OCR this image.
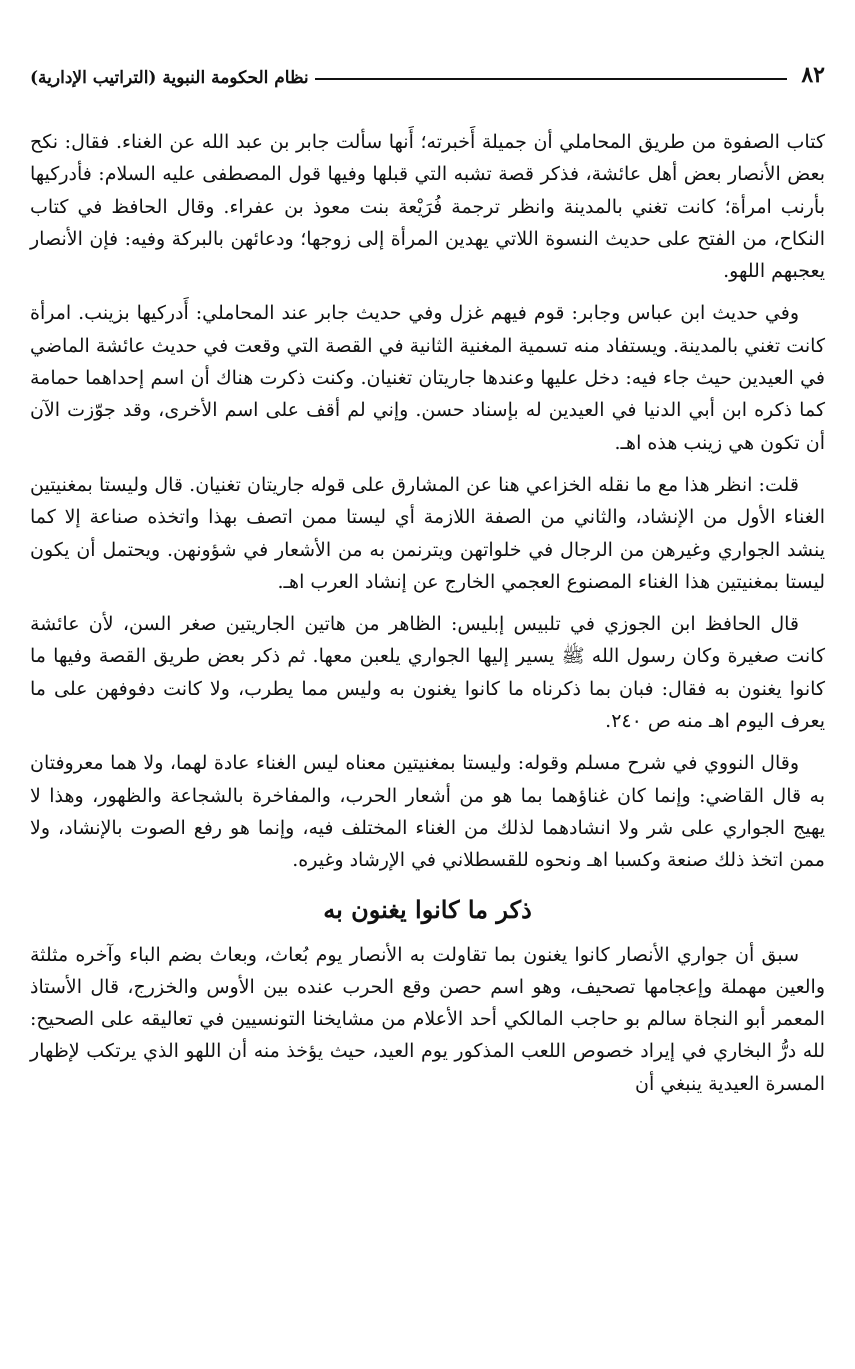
٨٢
نظام الحكومة النبوية (التراتيب الإدارية)

كتاب الصفوة من طريق المحاملي أن جميلة أَخبرته؛ أَنها سألت جابر بن عبد الله عن الغناء. فقال: نكح بعض الأنصار بعض أهل عائشة، فذكر قصة تشبه التي قبلها وفيها قول المصطفى عليه السلام: فأدركيها بأرنب امرأة؛ كانت تغني بالمدينة وانظر ترجمة فُرَيْعة بنت معوذ بن عفراء. وقال الحافظ في كتاب النكاح، من الفتح على حديث النسوة اللاتي يهدين المرأة إلى زوجها؛ ودعائهن بالبركة وفيه: فإن الأنصار يعجبهم اللهو.

وفي حديث ابن عباس وجابر: قوم فيهم غزل وفي حديث جابر عند المحاملي: أَدركيها بزينب. امرأة كانت تغني بالمدينة. ويستفاد منه تسمية المغنية الثانية في القصة التي وقعت في حديث عائشة الماضي في العيدين حيث جاء فيه: دخل عليها وعندها جاريتان تغنيان. وكنت ذكرت هناك أن اسم إحداهما حمامة كما ذكره ابن أبي الدنيا في العيدين له بإسناد حسن. وإني لم أقف على اسم الأخرى، وقد جوّزت الآن أن تكون هي زينب هذه اهـ.

قلت: انظر هذا مع ما نقله الخزاعي هنا عن المشارق على قوله جاريتان تغنيان. قال وليستا بمغنيتين الغناء الأول من الإنشاد، والثاني من الصفة اللازمة أي ليستا ممن اتصف بهذا واتخذه صناعة إلا كما ينشد الجواري وغيرهن من الرجال في خلواتهن ويترنمن به من الأشعار في شؤونهن. ويحتمل أن يكون ليستا بمغنيتين هذا الغناء المصنوع العجمي الخارج عن إنشاد العرب اهـ.

قال الحافظ ابن الجوزي في تلبيس إبليس: الظاهر من هاتين الجاريتين صغر السن، لأن عائشة كانت صغيرة وكان رسول الله ﷺ يسير إليها الجواري يلعبن معها. ثم ذكر بعض طريق القصة وفيها ما كانوا يغنون به فقال: فبان بما ذكرناه ما كانوا يغنون به وليس مما يطرب، ولا كانت دفوفهن على ما يعرف اليوم اهـ منه ص ٢٤٠.

وقال النووي في شرح مسلم وقوله: وليستا بمغنيتين معناه ليس الغناء عادة لهما، ولا هما معروفتان به قال القاضي: وإنما كان غناؤهما بما هو من أشعار الحرب، والمفاخرة بالشجاعة والظهور، وهذا لا يهيج الجواري على شر ولا انشادهما لذلك من الغناء المختلف فيه، وإنما هو رفع الصوت بالإنشاد، ولا ممن اتخذ ذلك صنعة وكسبا اهـ ونحوه للقسطلاني في الإرشاد وغيره.

ذكر ما كانوا يغنون به

سبق أن جواري الأنصار كانوا يغنون بما تقاولت به الأنصار يوم بُعاث، وبعاث بضم الباء وآخره مثلثة والعين مهملة وإعجامها تصحيف، وهو اسم حصن وقع الحرب عنده بين الأوس والخزرج، قال الأستاذ المعمر أبو النجاة سالم بو حاجب المالكي أحد الأعلام من مشايخنا التونسيين في تعاليقه على الصحيح: لله درُّ البخاري في إيراد خصوص اللعب المذكور يوم العيد، حيث يؤخذ منه أن اللهو الذي يرتكب لإظهار المسرة العيدية ينبغي أن
